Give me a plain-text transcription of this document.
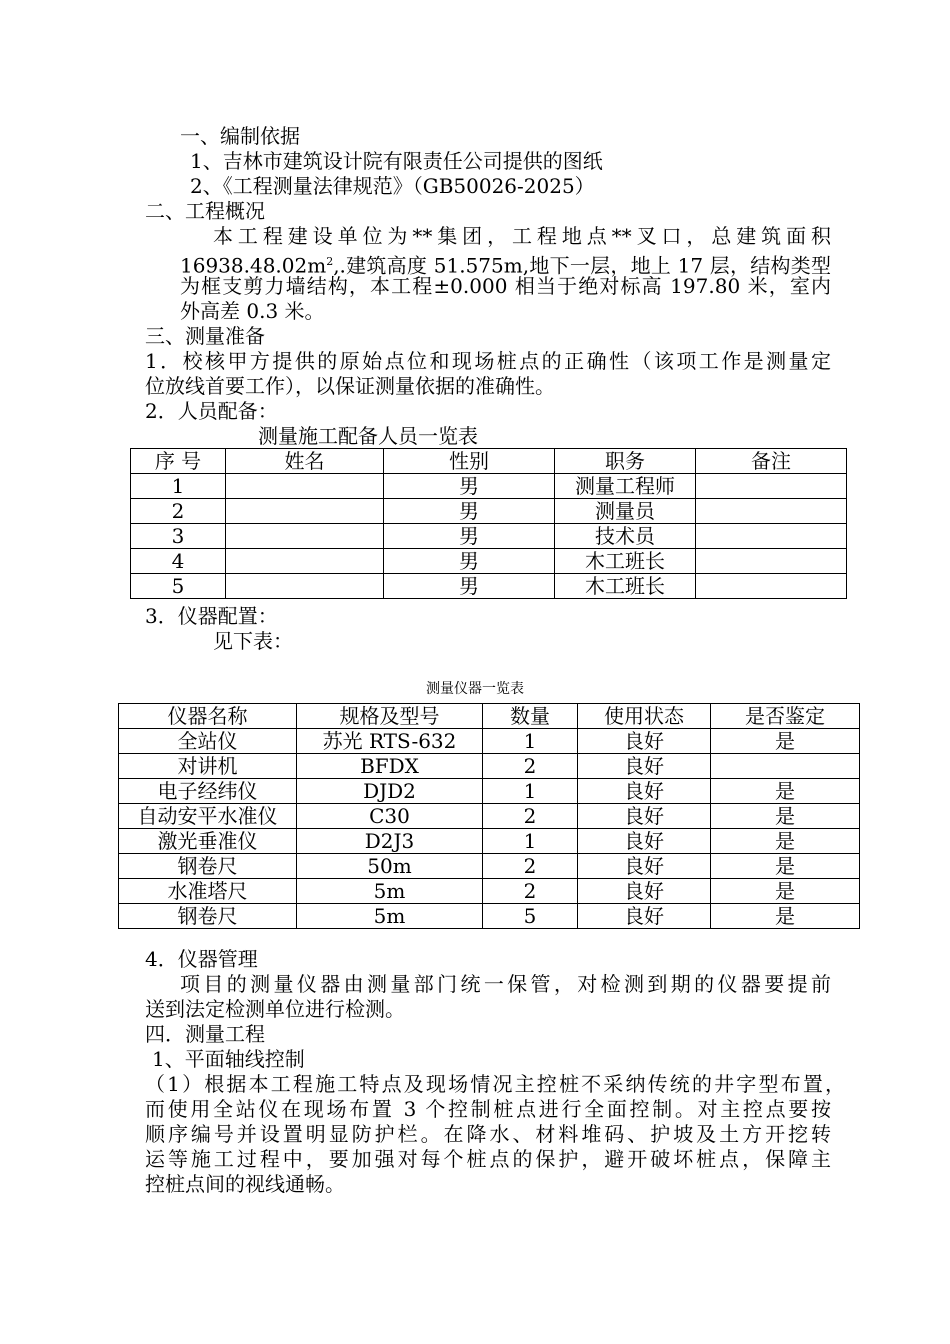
一、编制依据
1、吉林市建筑设计院有限责任公司提供的图纸
2、《工程测量法律规范》（GB50026-2025）
二、工程概况
本工程建设单位为**集团，工程地点**叉口，总建筑面积
$16938.48.02m^2$,.建筑高度 51.575m,地下一层，地上 17 层，结构类型
为框支剪力墙结构，本工程±0.000 相当于绝对标高 197.80 米，室内
外高差 0.3 米。
三、测量准备
1．校核甲方提供的原始点位和现场桩点的正确性（该项工作是测量定
位放线首要工作），以保证测量依据的准确性。
2．人员配备：
测量施工配备人员一览表
序 号	姓名	性别	职务	备注
1		男	测量工程师	
2		男	测量员	
3		男	技术员	
4		男	木工班长	
5		男	木工班长	
3．仪器配置：
见下表：
测量仪器一览表
仪器名称	规格及型号	数量	使用状态	是否鉴定
全站仪	苏光 RTS-632	1	良好	是
对讲机	BFDX	2	良好	
电子经纬仪	DJD2	1	良好	是
自动安平水准仪	C30	2	良好	是
激光垂准仪	D2J3	1	良好	是
钢卷尺	50m	2	良好	是
水准塔尺	5m	2	良好	是
钢卷尺	5m	5	良好	是
4．仪器管理
项目的测量仪器由测量部门统一保管，对检测到期的仪器要提前
送到法定检测单位进行检测。
四．测量工程
1、平面轴线控制
（1）根据本工程施工特点及现场情况主控桩不采纳传统的井字型布置，
而使用全站仪在现场布置 3 个控制桩点进行全面控制。对主控点要按
顺序编号并设置明显防护栏。在降水、材料堆码、护坡及土方开挖转
运等施工过程中，要加强对每个桩点的保护，避开破坏桩点，保障主
控桩点间的视线通畅。
